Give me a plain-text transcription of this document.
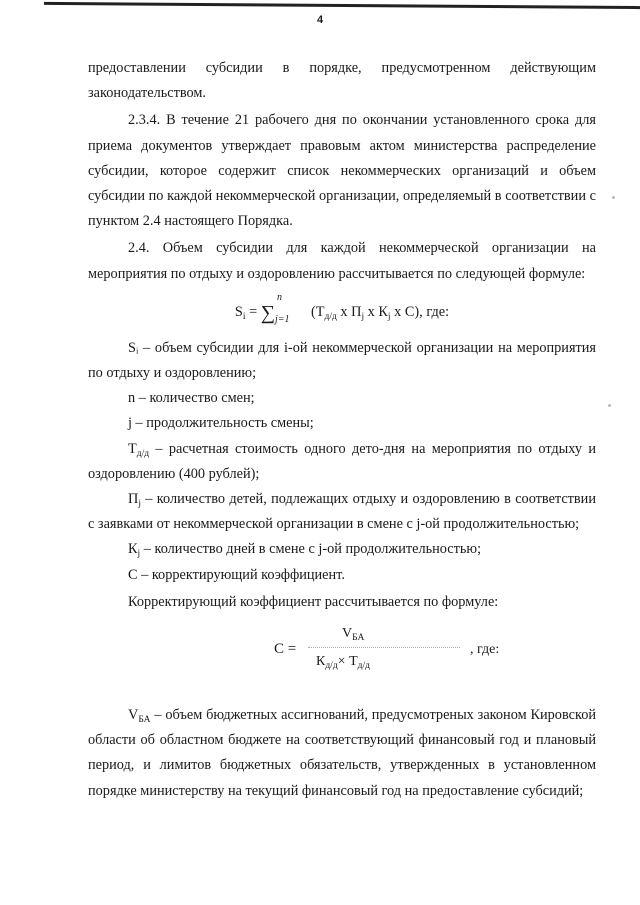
4

предоставлении субсидии в порядке, предусмотренном действующим законодательством.

2.3.4. В течение 21 рабочего дня по окончании установленного срока для приема документов утверждает правовым актом министерства распределение субсидии, которое содержит список некоммерческих организаций и объем субсидии по каждой некоммерческой организации, определяемый в соответствии с пунктом 2.4 настоящего Порядка.

2.4. Объем субсидии для каждой некоммерческой организации на мероприятия по отдыху и оздоровлению рассчитывается по следующей формуле:

$S_i$ = ∑
n
j=1 ($Т_{д/д}$ x $П_j$ x $К_j$ x С), где:

Sᵢ – объем субсидии для i-ой некоммерческой организации на мероприятия по отдыху и оздоровлению;

n – количество смен;

j – продолжительность смены;

$Т_{д/д}$ – расчетная стоимость одного дето-дня на мероприятия по отдыху и оздоровлению (400 рублей);

$П_j$ – количество детей, подлежащих отдыху и оздоровлению в соответствии с заявками от некоммерческой организации в смене с j-ой продолжительностью;

$К_j$ – количество дней в смене с j-ой продолжительностью;

С – корректирующий коэффициент.

Корректирующий коэффициент рассчитывается по формуле:

С =
$V_{БА}$
$К_{д/д}\times Т_{д/д}$
, где:

$V_{БА}$ – объем бюджетных ассигнований, предусмотреных законом Кировской области об областном бюджете на соответствующий финансовый год и плановый период, и лимитов бюджетных обязательств, утвержденных в установленном порядке министерству на текущий финансовый год на предоставление субсидий;
